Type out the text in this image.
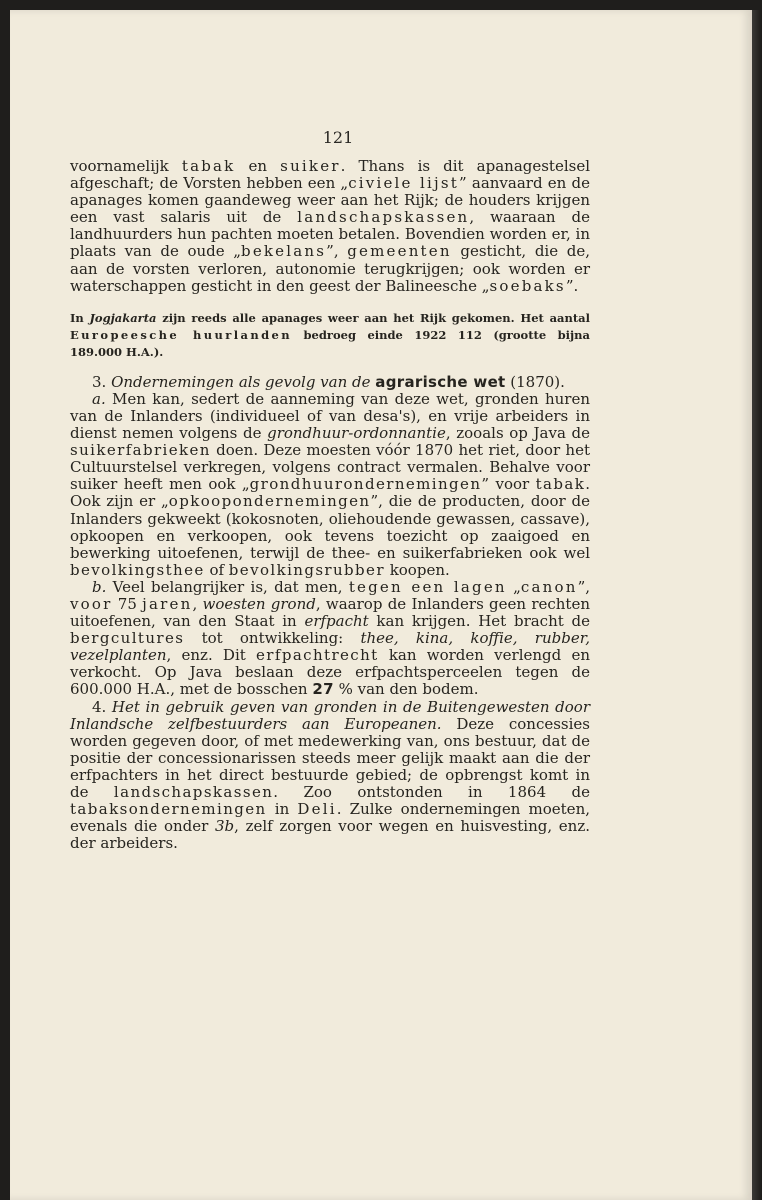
121

voornamelijk tabak en suiker. Thans is dit apanagestelsel afgeschaft; de Vorsten hebben een „civiele lijst” aanvaard en de apanages komen gaandeweg weer aan het Rijk; de houders krijgen een vast salaris uit de landschapskassen, waaraan de landhuurders hun pachten moeten betalen. Bovendien worden er, in plaats van de oude „bekelans”, gemeenten gesticht, die de, aan de vorsten verloren, autonomie terugkrijgen; ook worden er waterschappen gesticht in den geest der Balineesche „soebaks”.

In Jogjakarta zijn reeds alle apanages weer aan het Rijk gekomen. Het aantal Europeesche huurlanden bedroeg einde 1922 112 (grootte bijna 189.000 H.A.).

3. Ondernemingen als gevolg van de agrarische wet (1870).

a. Men kan, sedert de aanneming van deze wet, gronden huren van de Inlanders (individueel of van desa's), en vrije arbeiders in dienst nemen volgens de grondhuur-ordonnantie, zooals op Java de suikerfabrieken doen. Deze moesten vóór 1870 het riet, door het Cultuurstelsel verkregen, volgens contract vermalen. Behalve voor suiker heeft men ook „grondhuurondernemingen” voor tabak. Ook zijn er „opkoopondernemingen”, die de producten, door de Inlanders gekweekt (kokosnoten, oliehoudende gewassen, cassave), opkoopen en verkoopen, ook tevens toezicht op zaaigoed en bewerking uitoefenen, terwijl de thee- en suikerfabrieken ook wel bevolkingsthee of bevolkingsrubber koopen.

b. Veel belangrijker is, dat men, tegen een lagen „canon”, voor 75 jaren, woesten grond, waarop de Inlanders geen rechten uitoefenen, van den Staat in erfpacht kan krijgen. Het bracht de bergcultures tot ontwikkeling: thee, kina, koffie, rubber, vezelplanten, enz. Dit erfpachtrecht kan worden verlengd en verkocht. Op Java beslaan deze erfpachtsperceelen tegen de 600.000 H.A., met de bosschen 27 % van den bodem.

4. Het in gebruik geven van gronden in de Buitengewesten door Inlandsche zelfbestuurders aan Europeanen. Deze concessies worden gegeven door, of met medewerking van, ons bestuur, dat de positie der concessionarissen steeds meer gelijk maakt aan die der erfpachters in het direct bestuurde gebied; de opbrengst komt in de landschapskassen. Zoo ontstonden in 1864 de tabaksondernemingen in Deli. Zulke ondernemingen moeten, evenals die onder 3b, zelf zorgen voor wegen en huisvesting, enz. der arbeiders.
